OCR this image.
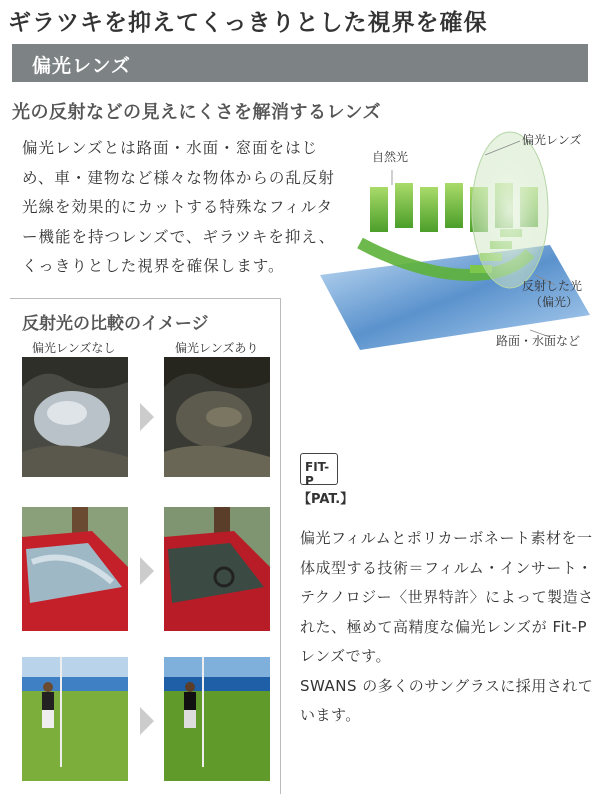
ギラツキを抑えてくっきりとした視界を確保
偏光レンズ
光の反射などの見えにくさを解消するレンズ
偏光レンズとは路面・水面・窓面をはじめ、車・建物など様々な物体からの乱反射光線を効果的にカットする特殊なフィルター機能を持つレンズで、ギラツキを抑え、くっきりとした視界を確保します。
自然光
偏光レンズ
反射した光
（偏光）
路面・水面など
反射光の比較のイメージ
偏光レンズなし	偏光レンズあり
FIT-P
【PAT.】
偏光フィルムとポリカーボネート素材を一体成型する技術＝フィルム・インサート・テクノロジー〈世界特許〉によって製造された、極めて高精度な偏光レンズが Fit-P レンズです。
SWANS の多くのサングラスに採用されています。
